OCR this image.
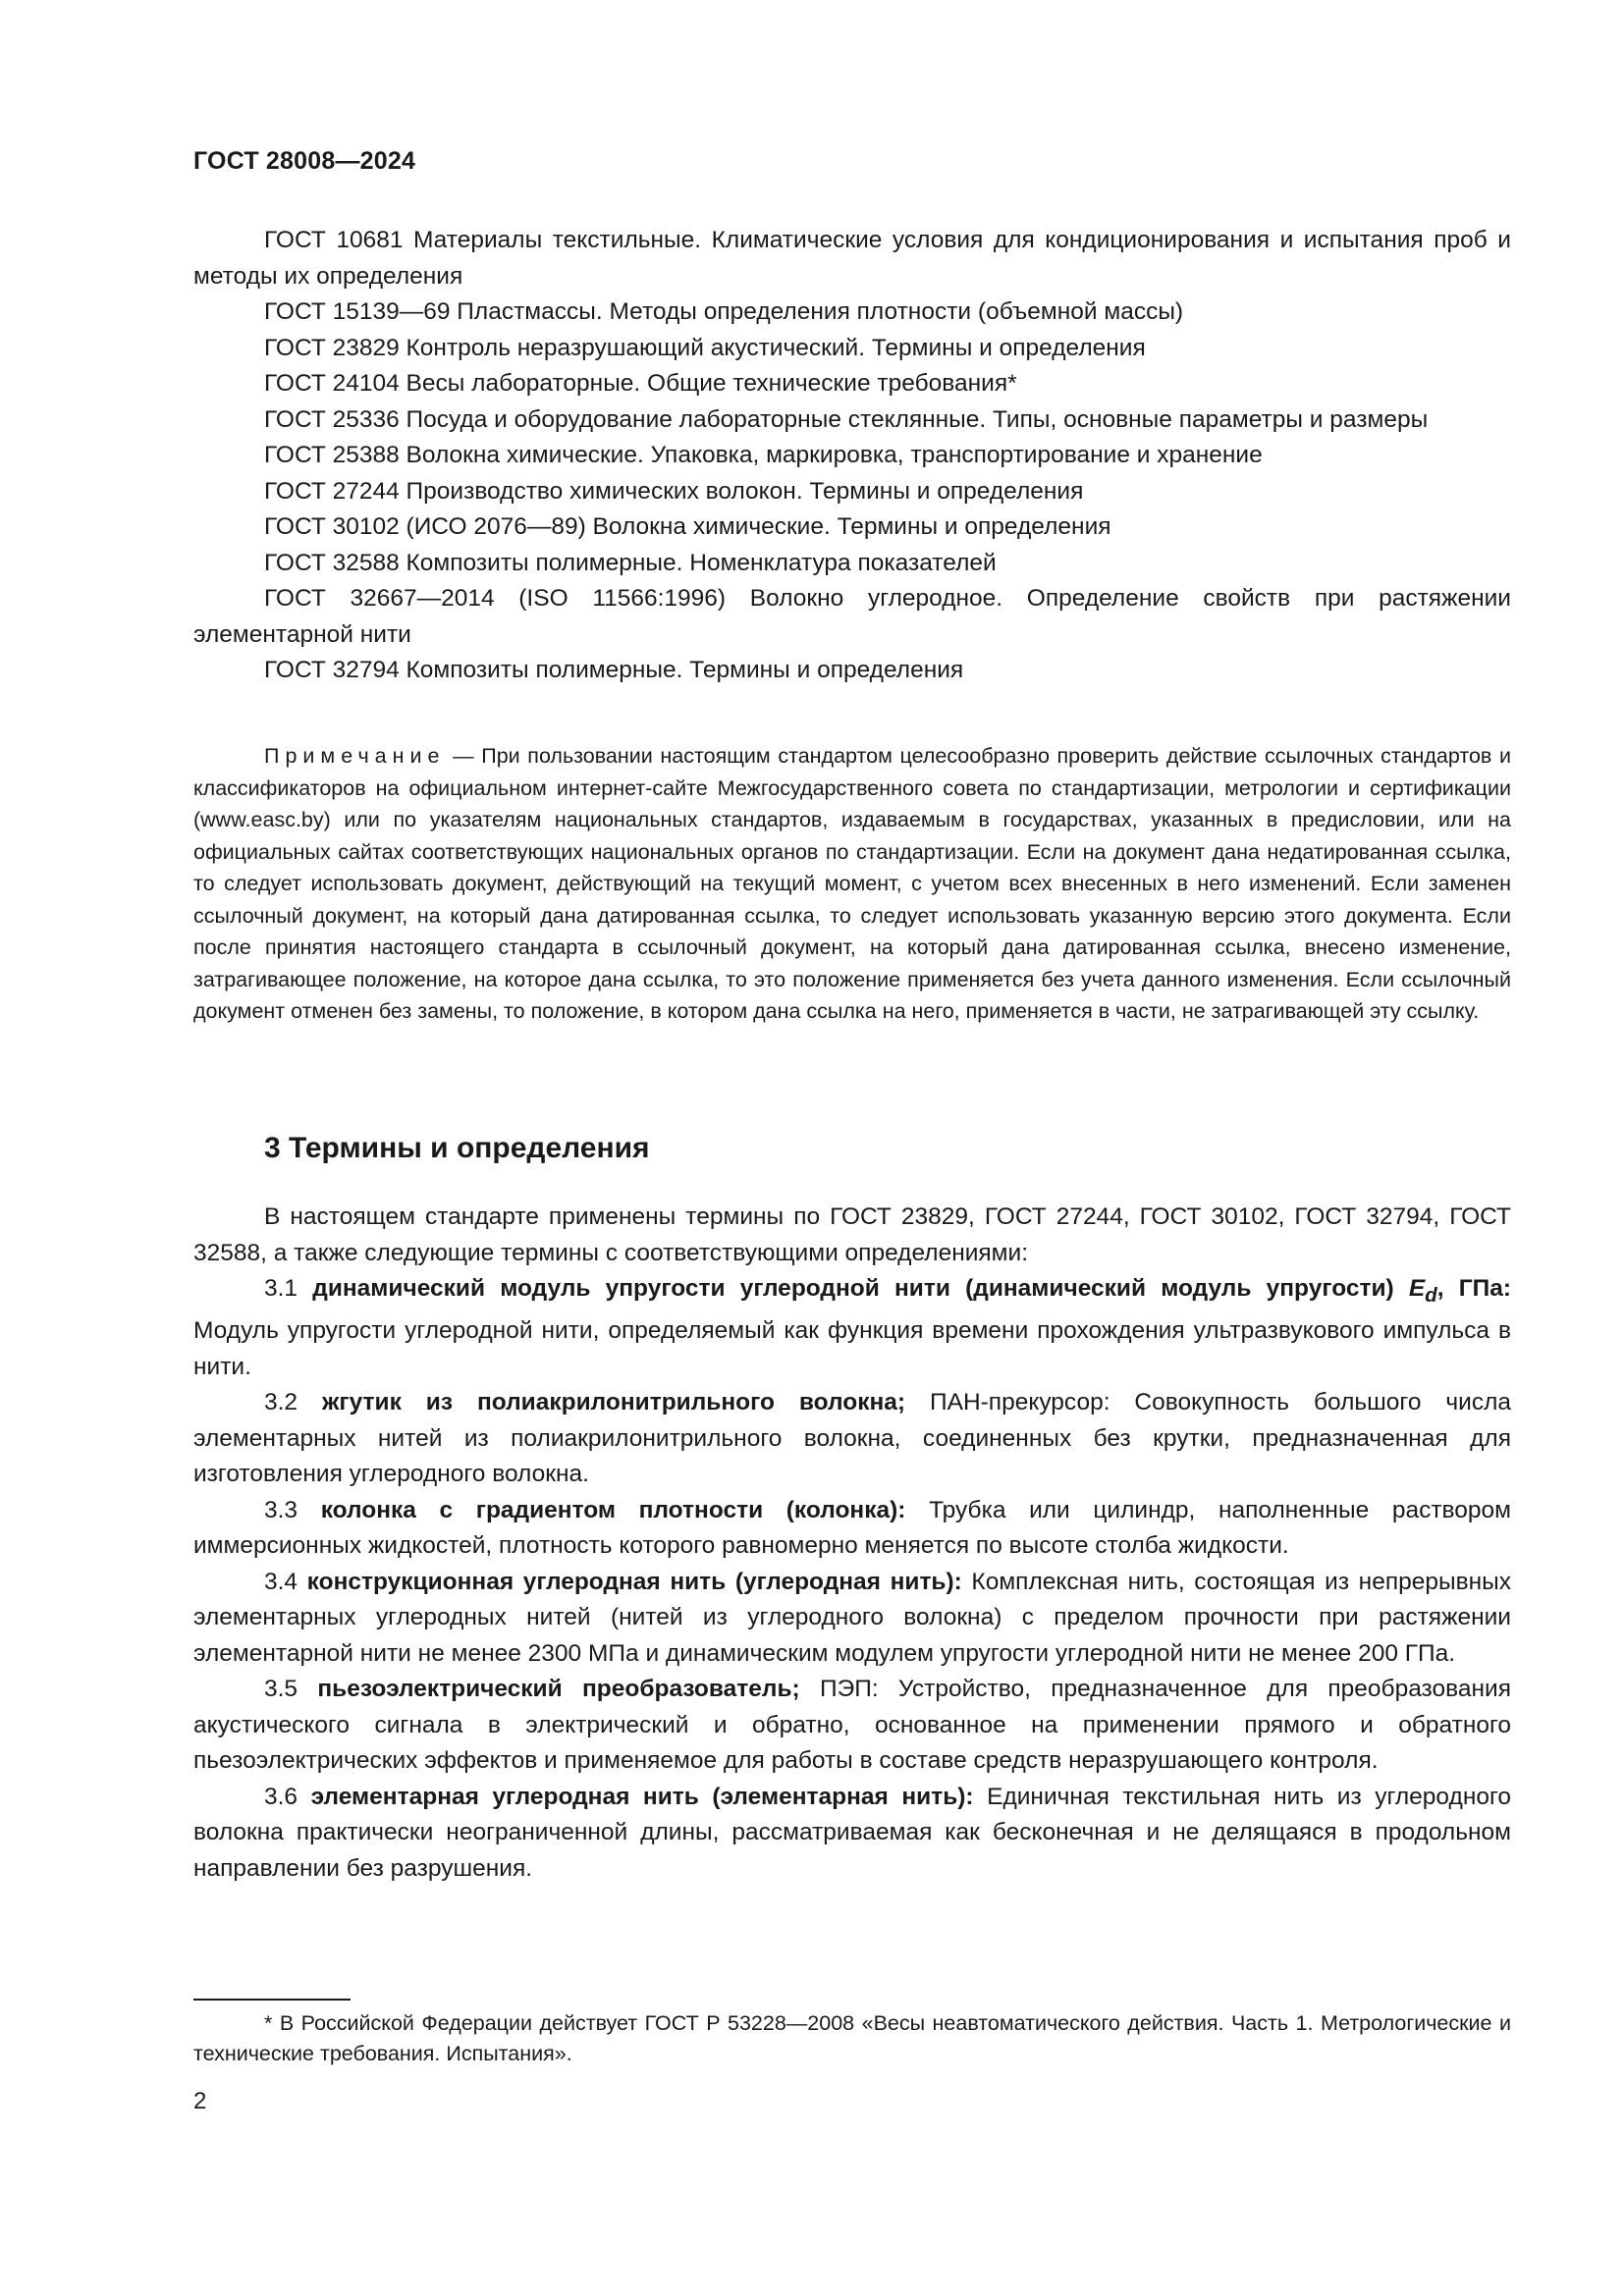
ГОСТ 28008—2024

ГОСТ 10681 Материалы текстильные. Климатические условия для кондиционирования и испытания проб и методы их определения

ГОСТ 15139—69 Пластмассы. Методы определения плотности (объемной массы)

ГОСТ 23829 Контроль неразрушающий акустический. Термины и определения

ГОСТ 24104 Весы лабораторные. Общие технические требования*

ГОСТ 25336 Посуда и оборудование лабораторные стеклянные. Типы, основные параметры и размеры

ГОСТ 25388 Волокна химические. Упаковка, маркировка, транспортирование и хранение

ГОСТ 27244 Производство химических волокон. Термины и определения

ГОСТ 30102 (ИСО 2076—89) Волокна химические. Термины и определения

ГОСТ 32588 Композиты полимерные. Номенклатура показателей

ГОСТ 32667—2014 (ISO 11566:1996) Волокно углеродное. Определение свойств при растяжении элементарной нити

ГОСТ 32794 Композиты полимерные. Термины и определения

Примечание — При пользовании настоящим стандартом целесообразно проверить действие ссылочных стандартов и классификаторов на официальном интернет-сайте Межгосударственного совета по стандартизации, метрологии и сертификации (www.easc.by) или по указателям национальных стандартов, издаваемым в государствах, указанных в предисловии, или на официальных сайтах соответствующих национальных органов по стандартизации. Если на документ дана недатированная ссылка, то следует использовать документ, действующий на текущий момент, с учетом всех внесенных в него изменений. Если заменен ссылочный документ, на который дана датированная ссылка, то следует использовать указанную версию этого документа. Если после принятия настоящего стандарта в ссылочный документ, на который дана датированная ссылка, внесено изменение, затрагивающее положение, на которое дана ссылка, то это положение применяется без учета данного изменения. Если ссылочный документ отменен без замены, то положение, в котором дана ссылка на него, применяется в части, не затрагивающей эту ссылку.
3 Термины и определения

В настоящем стандарте применены термины по ГОСТ 23829, ГОСТ 27244, ГОСТ 30102, ГОСТ 32794, ГОСТ 32588, а также следующие термины с соответствующими определениями:

3.1 динамический модуль упругости углеродной нити (динамический модуль упругости) $E_d$, ГПа: Модуль упругости углеродной нити, определяемый как функция времени прохождения ультразвукового импульса в нити.

3.2 жгутик из полиакрилонитрильного волокна; ПАН-прекурсор: Совокупность большого числа элементарных нитей из полиакрилонитрильного волокна, соединенных без крутки, предназначенная для изготовления углеродного волокна.

3.3 колонка с градиентом плотности (колонка): Трубка или цилиндр, наполненные раствором иммерсионных жидкостей, плотность которого равномерно меняется по высоте столба жидкости.

3.4 конструкционная углеродная нить (углеродная нить): Комплексная нить, состоящая из непрерывных элементарных углеродных нитей (нитей из углеродного волокна) с пределом прочности при растяжении элементарной нити не менее 2300 МПа и динамическим модулем упругости углеродной нити не менее 200 ГПа.

3.5 пьезоэлектрический преобразователь; ПЭП: Устройство, предназначенное для преобразования акустического сигнала в электрический и обратно, основанное на применении прямого и обратного пьезоэлектрических эффектов и применяемое для работы в составе средств неразрушающего контроля.

3.6 элементарная углеродная нить (элементарная нить): Единичная текстильная нить из углеродного волокна практически неограниченной длины, рассматриваемая как бесконечная и не делящаяся в продольном направлении без разрушения.

* В Российской Федерации действует ГОСТ Р 53228—2008 «Весы неавтоматического действия. Часть 1. Метрологические и технические требования. Испытания».
2
